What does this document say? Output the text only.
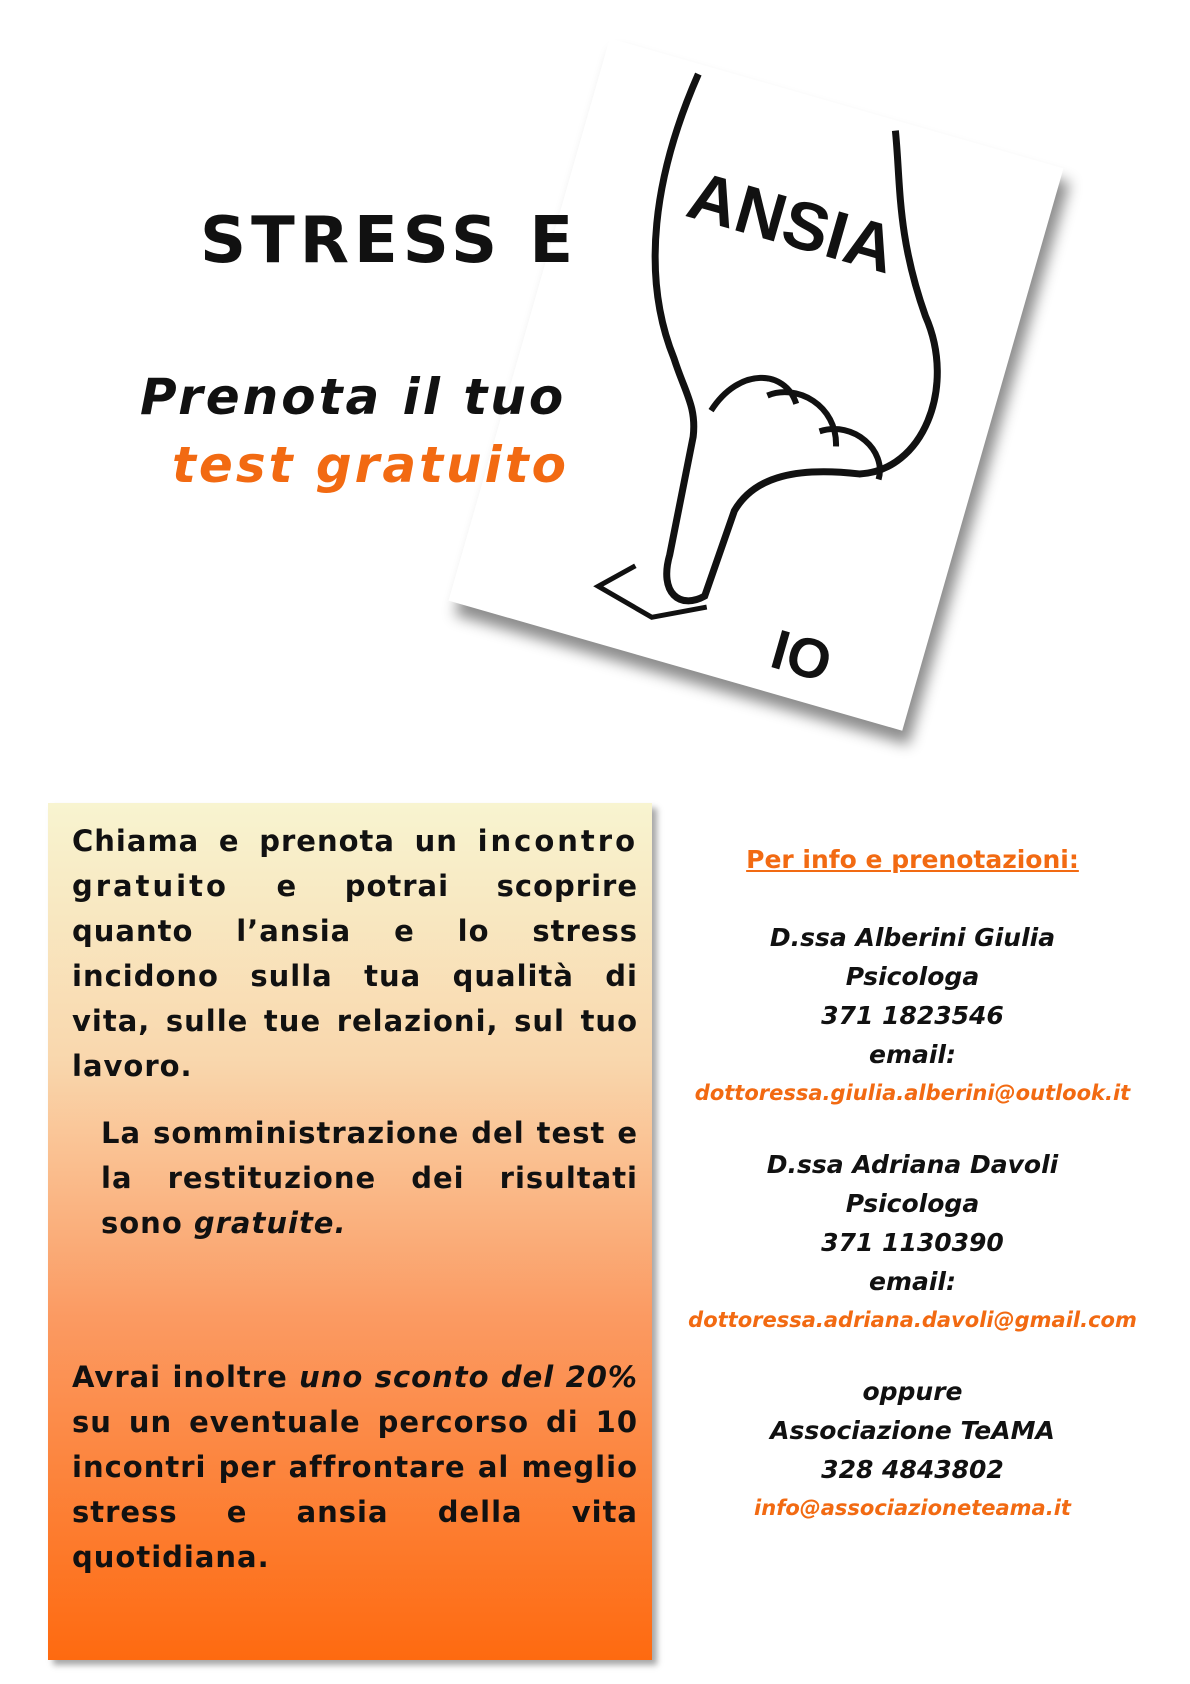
ANSIA
IO
STRESS E
Prenota il tuo
test gratuito

Chiama e prenota un incontro gratuito e potrai scoprire quanto l’ansia e lo stress incidono sulla tua qualità di vita, sulle tue relazioni, sul tuo lavoro.

La somministrazione del test e la restituzione dei risultati sono gratuite.

Avrai inoltre uno sconto del 20% su un eventuale percorso di 10 incontri per affrontare al meglio stress e ansia della vita quotidiana.

Per info e prenotazioni:
D.ssa Alberini Giulia
Psicologa
371 1823546
email:
dottoressa.giulia.alberini@outlook.it
D.ssa Adriana Davoli
Psicologa
371 1130390
email:
dottoressa.adriana.davoli@gmail.com
oppure
Associazione TeAMA
328 4843802
info@associazioneteama.it
